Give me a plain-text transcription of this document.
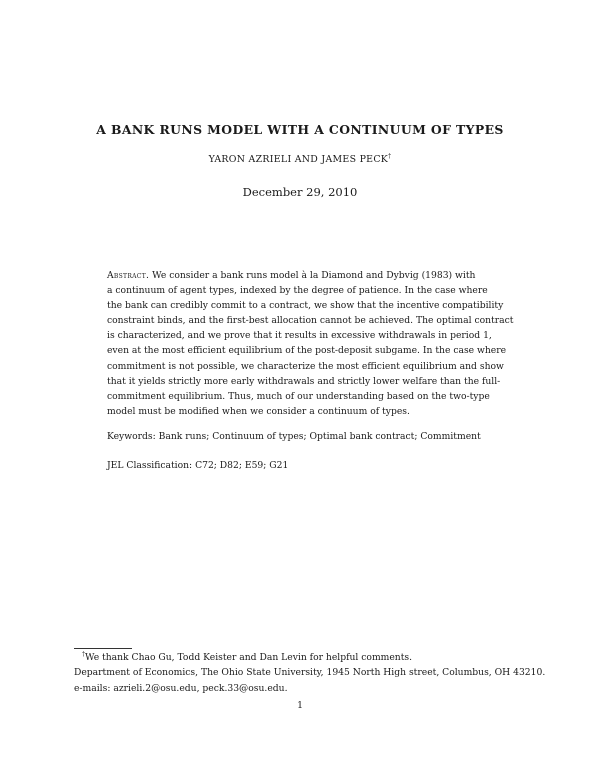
A BANK RUNS MODEL WITH A CONTINUUM OF TYPES
YARON AZRIELI AND JAMES PECK†
December 29, 2010
Abstract. We consider a bank runs model à la Diamond and Dybvig (1983) with
a continuum of agent types, indexed by the degree of patience. In the case where
the bank can credibly commit to a contract, we show that the incentive compatibility
constraint binds, and the first-best allocation cannot be achieved. The optimal contract
is characterized, and we prove that it results in excessive withdrawals in period 1,
even at the most efficient equilibrium of the post-deposit subgame. In the case where
commitment is not possible, we characterize the most efficient equilibrium and show
that it yields strictly more early withdrawals and strictly lower welfare than the full-
commitment equilibrium. Thus, much of our understanding based on the two-type
model must be modified when we consider a continuum of types.
Keywords: Bank runs; Continuum of types; Optimal bank contract; Commitment
JEL Classification: C72; D82; E59; G21
†We thank Chao Gu, Todd Keister and Dan Levin for helpful comments.
Department of Economics, The Ohio State University, 1945 North High street, Columbus, OH 43210.
e-mails: azrieli.2@osu.edu, peck.33@osu.edu.
1
